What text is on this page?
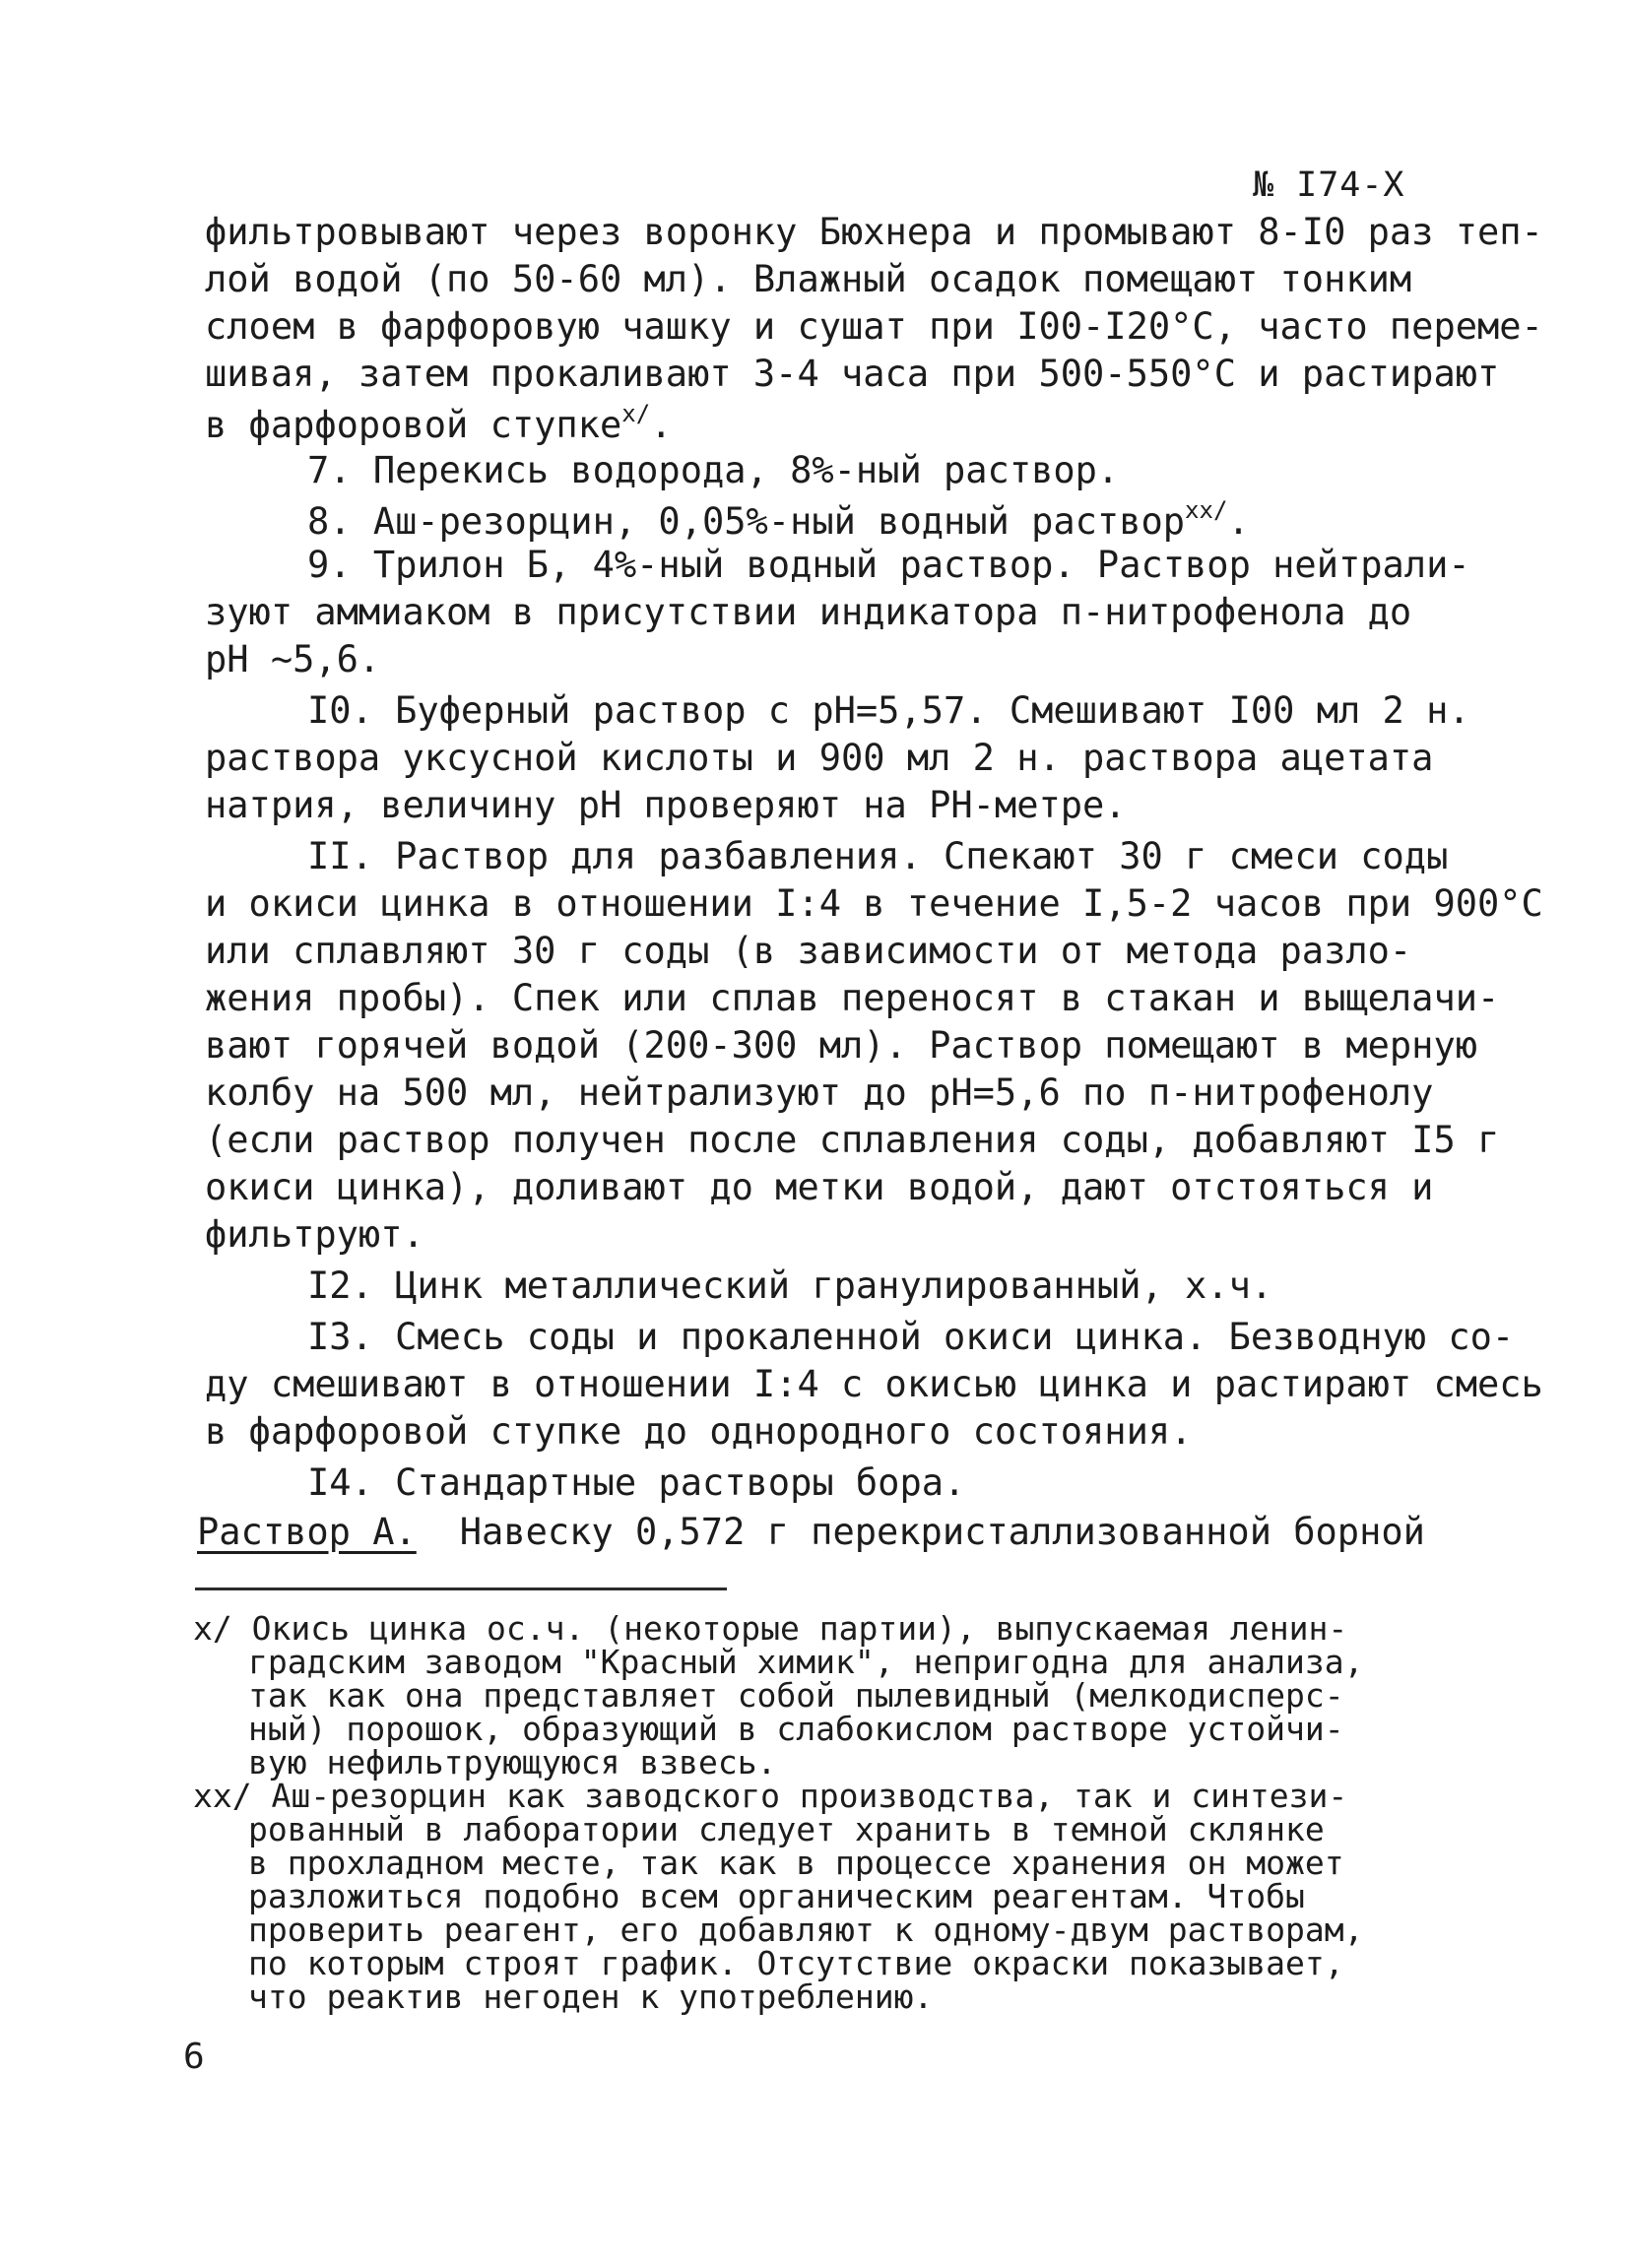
№ I74-X
фильтровывают через воронку Бюхнера и промывают 8-I0 раз теп-
лой водой (по 50-60 мл). Влажный осадок помещают тонким
слоем в фарфоровую чашку и сушат при I00-I20°С, часто переме-
шивая, затем прокаливают 3-4 часа при 500-550°С и растирают
в фарфоровой ступке$^{x/}$.
7. Перекись водорода, 8%-ный раствор.
8. Аш-резорцин, 0,05%-ный водный раствор$^{xx/}$.
9. Трилон Б, 4%-ный водный раствор. Раствор нейтрали-
зуют аммиаком в присутствии индикатора п-нитрофенола до
pH ~5,6.
I0. Буферный раствор с pH=5,57. Смешивают I00 мл 2 н.
раствора уксусной кислоты и 900 мл 2 н. раствора ацетата
натрия, величину pH проверяют на PH-метре.
II. Раствор для разбавления. Спекают 30 г смеси соды
и окиси цинка в отношении I:4 в течение I,5-2 часов при 900°С
или сплавляют 30 г соды (в зависимости от метода разло-
жения пробы). Спек или сплав переносят в стакан и выщелачи-
вают горячей водой (200-300 мл). Раствор помещают в мерную
колбу на 500 мл, нейтрализуют до pH=5,6 по п-нитрофенолу
(если раствор получен после сплавления соды, добавляют I5 г
окиси цинка), доливают до метки водой, дают отстояться и
фильтруют.
I2. Цинк металлический гранулированный, х.ч.
I3. Смесь соды и прокаленной окиси цинка. Безводную со-
ду смешивают в отношении I:4 с окисью цинка и растирают смесь
в фарфоровой ступке до однородного состояния.
I4. Стандартные растворы бора.
Раствор А. Навеску 0,572 г перекристаллизованной борной
x/ Окись цинка ос.ч. (некоторые партии), выпускаемая ленин-
градским заводом "Красный химик", непригодна для анализа,
так как она представляет собой пылевидный (мелкодисперс-
ный) порошок, образующий в слабокислом растворе устойчи-
вую нефильтрующуюся взвесь.
xx/ Аш-резорцин как заводского производства, так и синтези-
рованный в лаборатории следует хранить в темной склянке
в прохладном месте, так как в процессе хранения он может
разложиться подобно всем органическим реагентам. Чтобы
проверить реагент, его добавляют к одному-двум растворам,
по которым строят график. Отсутствие окраски показывает,
что реактив негоден к употреблению.
6
